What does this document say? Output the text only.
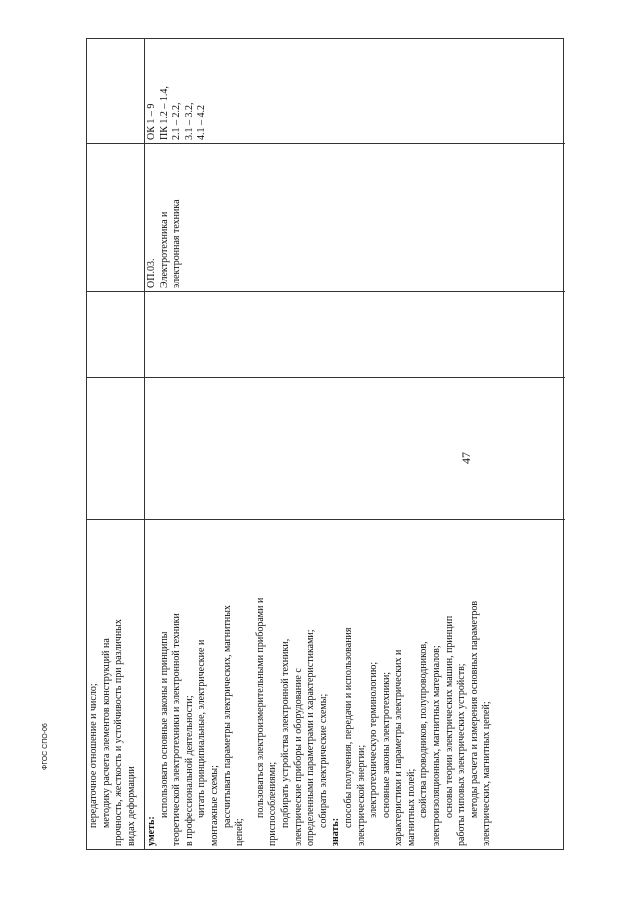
47
ФГОС СПО-06	передаточное отношение и число; методику расчета элементов конструкций на прочность, жесткость и устойчивость при различных видах деформации уметь:
использовать основные законы и принципы теоретической электротехники и электронной техники в профессиональной деятельности; читать принципиальные, электрические и монтажные схемы; рассчитывать параметры электрических, магнитных
цепей;
пользоваться электроизмерительными приборами и приспособлениями; подбирать устройства электронной техники, электрические приборы и оборудование с определенными параметрами и характеристиками; собирать электрические схемы;
знать:
способы получения, передачи и использования электрической энергии; электротехническую терминологию; основные законы электротехники; характеристики и параметры электрических и магнитных полей; свойства проводников, полупроводников, электроизоляционных, магнитных материалов; основы теории электрических машин, принцип работы типовых электрических устройств; методы расчета и измерения основных параметров электрических, магнитных цепей;
ОП.03. Электротехника и электронная техника
ОК 1 – 9 ПК 1.2 – 1.4, 2.1 – 2.2, 3.1 – 3.2, 4.1 – 4.2
